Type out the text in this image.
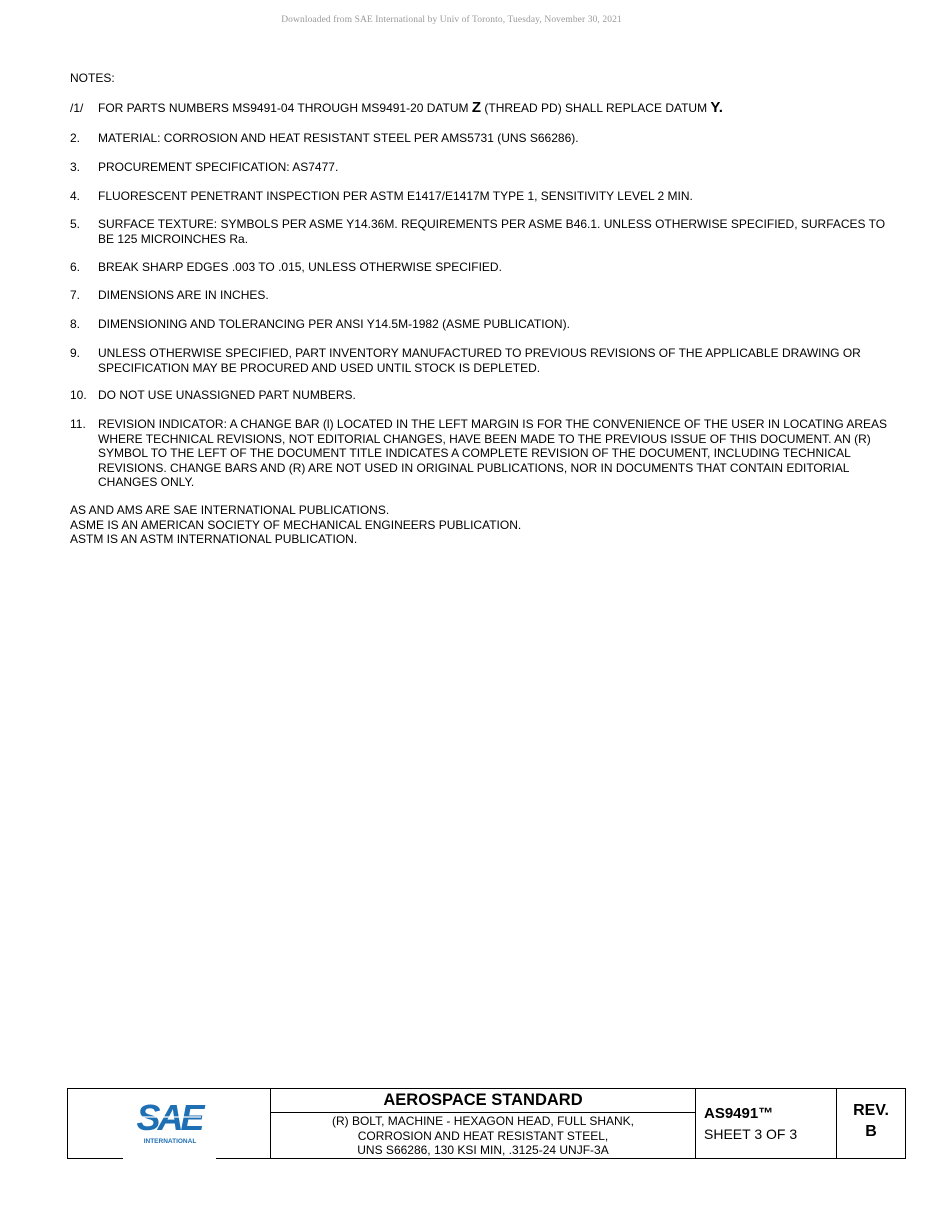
Downloaded from SAE International by Univ of Toronto, Tuesday, November 30, 2021
NOTES:
/1/ FOR PARTS NUMBERS MS9491-04 THROUGH MS9491-20 DATUM Z (THREAD PD) SHALL REPLACE DATUM Y.
2. MATERIAL: CORROSION AND HEAT RESISTANT STEEL PER AMS5731 (UNS S66286).
3. PROCUREMENT SPECIFICATION: AS7477.
4. FLUORESCENT PENETRANT INSPECTION PER ASTM E1417/E1417M TYPE 1, SENSITIVITY LEVEL 2 MIN.
5. SURFACE TEXTURE: SYMBOLS PER ASME Y14.36M. REQUIREMENTS PER ASME B46.1. UNLESS OTHERWISE SPECIFIED, SURFACES TO BE 125 MICROINCHES Ra.
6. BREAK SHARP EDGES .003 TO .015, UNLESS OTHERWISE SPECIFIED.
7. DIMENSIONS ARE IN INCHES.
8. DIMENSIONING AND TOLERANCING PER ANSI Y14.5M-1982 (ASME PUBLICATION).
9. UNLESS OTHERWISE SPECIFIED, PART INVENTORY MANUFACTURED TO PREVIOUS REVISIONS OF THE APPLICABLE DRAWING OR SPECIFICATION MAY BE PROCURED AND USED UNTIL STOCK IS DEPLETED.
10. DO NOT USE UNASSIGNED PART NUMBERS.
11. REVISION INDICATOR: A CHANGE BAR (l) LOCATED IN THE LEFT MARGIN IS FOR THE CONVENIENCE OF THE USER IN LOCATING AREAS WHERE TECHNICAL REVISIONS, NOT EDITORIAL CHANGES, HAVE BEEN MADE TO THE PREVIOUS ISSUE OF THIS DOCUMENT. AN (R) SYMBOL TO THE LEFT OF THE DOCUMENT TITLE INDICATES A COMPLETE REVISION OF THE DOCUMENT, INCLUDING TECHNICAL REVISIONS. CHANGE BARS AND (R) ARE NOT USED IN ORIGINAL PUBLICATIONS, NOR IN DOCUMENTS THAT CONTAIN EDITORIAL CHANGES ONLY.
AS AND AMS ARE SAE INTERNATIONAL PUBLICATIONS.
ASME IS AN AMERICAN SOCIETY OF MECHANICAL ENGINEERS PUBLICATION.
ASTM IS AN ASTM INTERNATIONAL PUBLICATION.
SAE
INTERNATIONAL
AEROSPACE STANDARD
(R) BOLT, MACHINE - HEXAGON HEAD, FULL SHANK,
CORROSION AND HEAT RESISTANT STEEL,
UNS S66286, 130 KSI MIN, .3125-24 UNJF-3A
AS9491™
SHEET 3 OF 3
REV.
B
